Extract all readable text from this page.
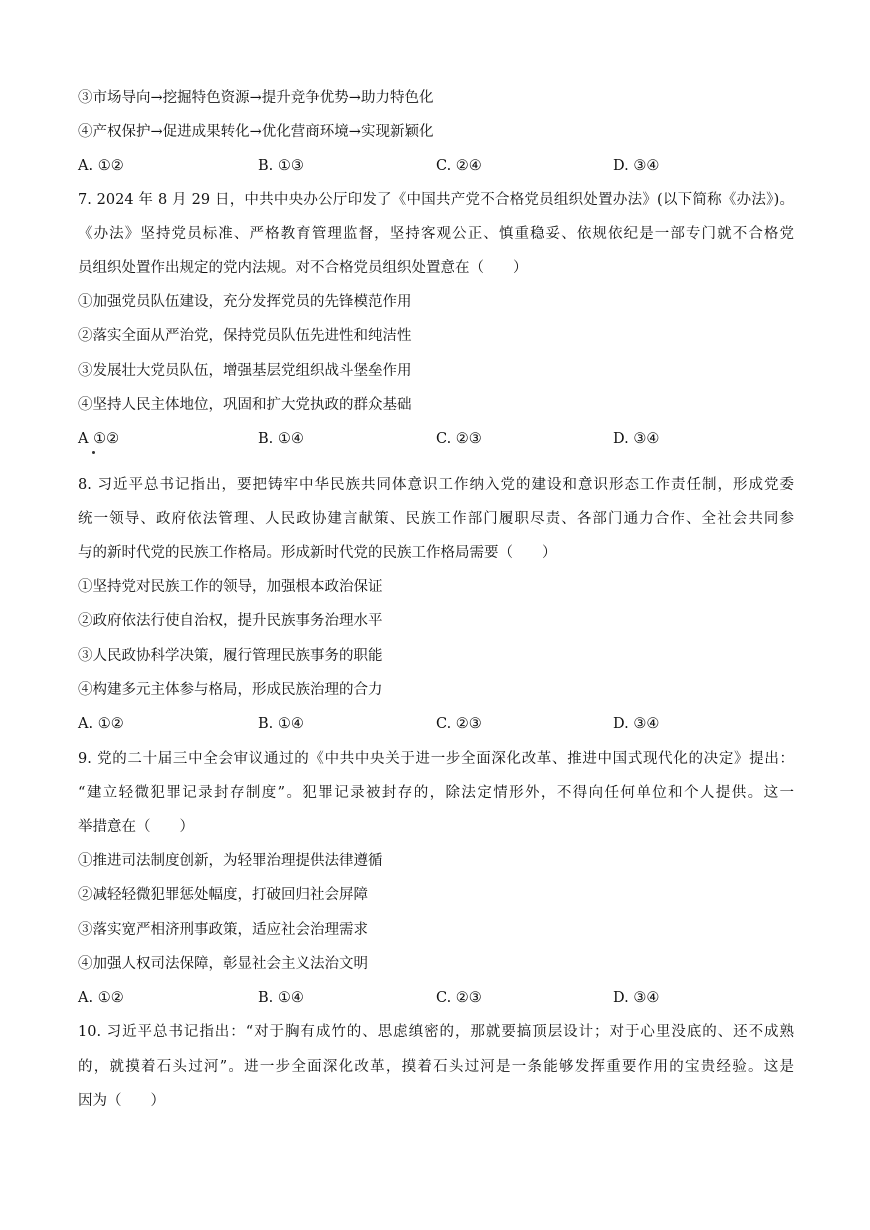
③市场导向→挖掘特色资源→提升竞争优势→助力特色化
④产权保护→促进成果转化→优化营商环境→实现新颖化
A. ①②	B. ①③	C. ②④	D. ③④
7. 2024 年 8 月 29 日，中共中央办公厅印发了《中国共产党不合格党员组织处置办法》(以下简称《办法》)。
《办法》坚持党员标准、严格教育管理监督，坚持客观公正、慎重稳妥、依规依纪是一部专门就不合格党
员组织处置作出规定的党内法规。对不合格党员组织处置意在（　　）
①加强党员队伍建设，充分发挥党员的先锋模范作用
②落实全面从严治党，保持党员队伍先进性和纯洁性
③发展壮大党员队伍，增强基层党组织战斗堡垒作用
④坚持人民主体地位，巩固和扩大党执政的群众基础
A ①②	B. ①④	C. ②③	D. ③④
8. 习近平总书记指出，要把铸牢中华民族共同体意识工作纳入党的建设和意识形态工作责任制，形成党委
统一领导、政府依法管理、人民政协建言献策、民族工作部门履职尽责、各部门通力合作、全社会共同参
与的新时代党的民族工作格局。形成新时代党的民族工作格局需要（　　）
①坚持党对民族工作的领导，加强根本政治保证
②政府依法行使自治权，提升民族事务治理水平
③人民政协科学决策，履行管理民族事务的职能
④构建多元主体参与格局，形成民族治理的合力
A. ①②	B. ①④	C. ②③	D. ③④
9. 党的二十届三中全会审议通过的《中共中央关于进一步全面深化改革、推进中国式现代化的决定》提出：
“建立轻微犯罪记录封存制度”。犯罪记录被封存的，除法定情形外，不得向任何单位和个人提供。这一
举措意在（　　）
①推进司法制度创新，为轻罪治理提供法律遵循
②减轻轻微犯罪惩处幅度，打破回归社会屏障
③落实宽严相济刑事政策，适应社会治理需求
④加强人权司法保障，彰显社会主义法治文明
A. ①②	B. ①④	C. ②③	D. ③④
10. 习近平总书记指出：“对于胸有成竹的、思虑缜密的，那就要搞顶层设计；对于心里没底的、还不成熟
的，就摸着石头过河”。进一步全面深化改革，摸着石头过河是一条能够发挥重要作用的宝贵经验。这是
因为（　　）
